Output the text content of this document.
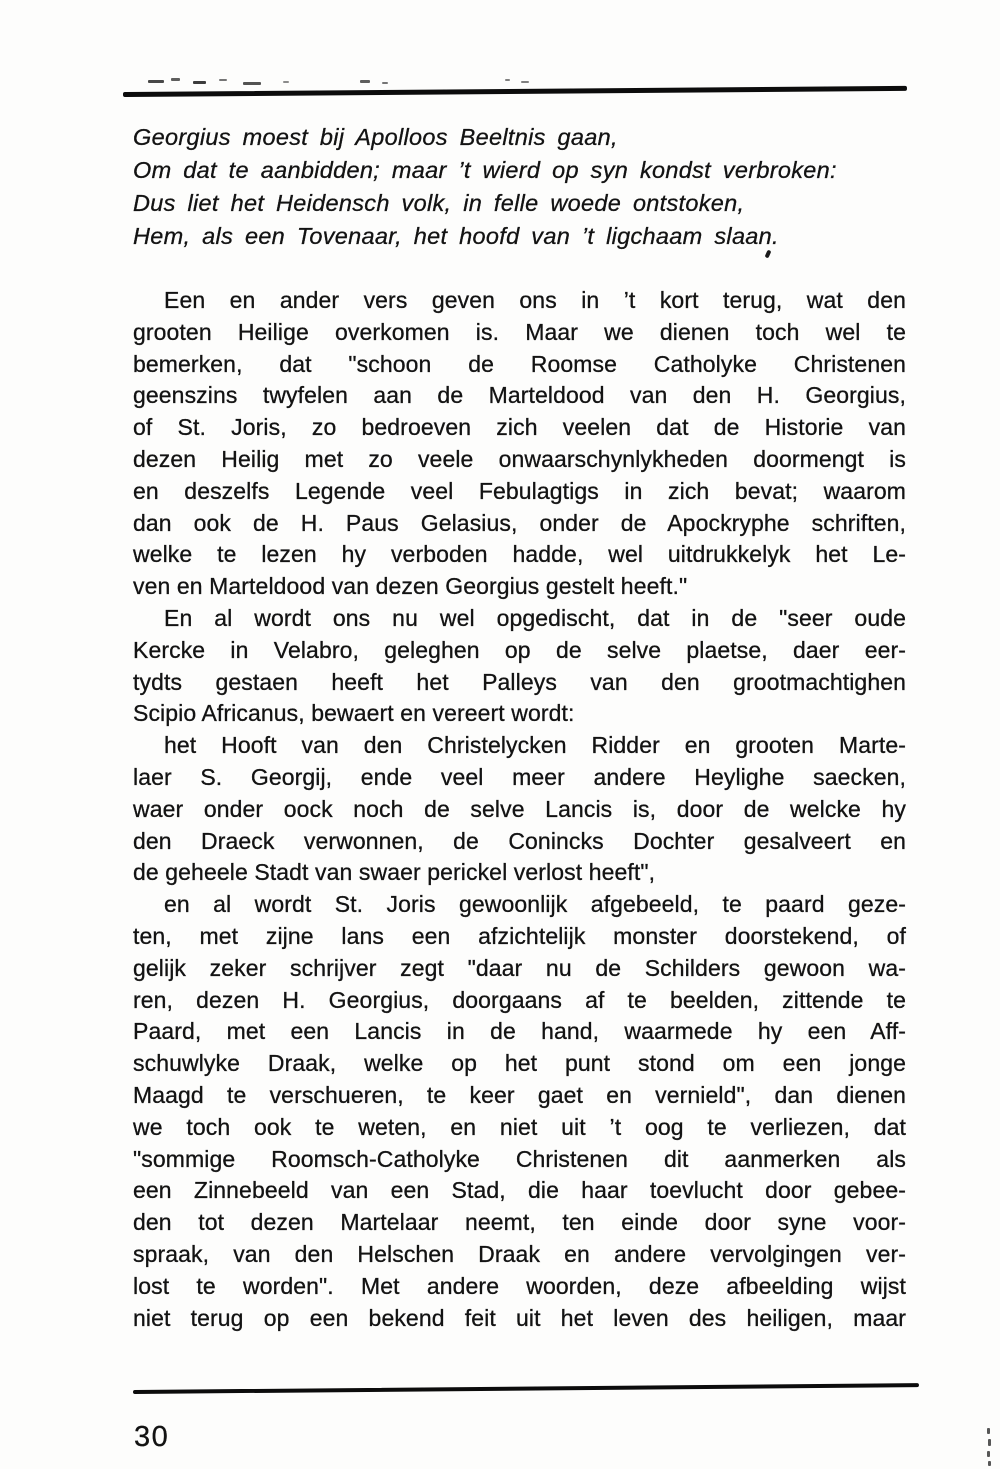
Georgius moest bij Apolloos Beeltnis gaan,
Om dat te aanbidden; maar ’t wierd op syn kondst verbroken:
Dus liet het Heidensch volk, in felle woede ontstoken,
Hem, als een Tovenaar, het hoofd van ’t ligchaam slaan.
Een en ander vers geven ons in ’t kort terug, wat den
grooten Heilige overkomen is. Maar we dienen toch wel te
bemerken, dat "schoon de Roomse Catholyke Christenen
geenszins twyfelen aan de Marteldood van den H. Georgius,
of St. Joris, zo bedroeven zich veelen dat de Historie van
dezen Heilig met zo veele onwaarschynlykheden doormengt is
en deszelfs Legende veel Febulagtigs in zich bevat; waarom
dan ook de H. Paus Gelasius, onder de Apockryphe schriften,
welke te lezen hy verboden hadde, wel uitdrukkelyk het Le-
ven en Marteldood van dezen Georgius gestelt heeft."
En al wordt ons nu wel opgedischt, dat in de "seer oude
Kercke in Velabro, geleghen op de selve plaetse, daer eer-
tydts gestaen heeft het Palleys van den grootmachtighen
Scipio Africanus, bewaert en vereert wordt:
het Hooft van den Christelycken Ridder en grooten Marte-
laer S. Georgij, ende veel meer andere Heylighe saecken,
waer onder oock noch de selve Lancis is, door de welcke hy
den Draeck verwonnen, de Conincks Dochter gesalveert en
de geheele Stadt van swaer perickel verlost heeft",
en al wordt St. Joris gewoonlijk afgebeeld, te paard geze-
ten, met zijne lans een afzichtelijk monster doorstekend, of
gelijk zeker schrijver zegt "daar nu de Schilders gewoon wa-
ren, dezen H. Georgius, doorgaans af te beelden, zittende te
Paard, met een Lancis in de hand, waarmede hy een Aff-
schuwlyke Draak, welke op het punt stond om een jonge
Maagd te verschueren, te keer gaet en vernield", dan dienen
we toch ook te weten, en niet uit ’t oog te verliezen, dat
"sommige Roomsch-Catholyke Christenen dit aanmerken als
een Zinnebeeld van een Stad, die haar toevlucht door gebee-
den tot dezen Martelaar neemt, ten einde door syne voor-
spraak, van den Helschen Draak en andere vervolgingen ver-
lost te worden". Met andere woorden, deze afbeelding wijst
niet terug op een bekend feit uit het leven des heiligen, maar
30
